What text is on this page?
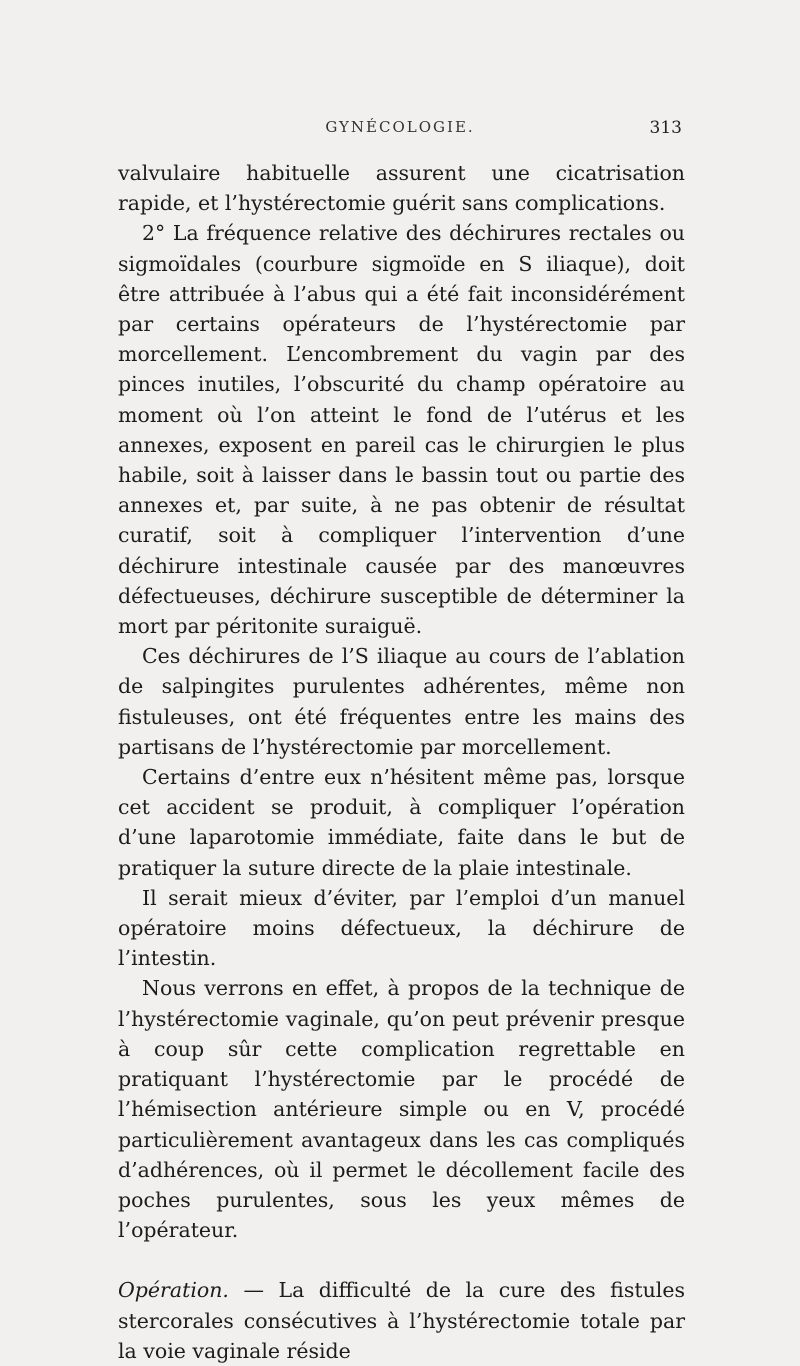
GYNÉCOLOGIE.	313

valvulaire habituelle assurent une cicatrisation rapide, et l’hystérectomie guérit sans complications.

2° La fréquence relative des déchirures rectales ou sigmoïdales (courbure sigmoïde en S iliaque), doit être attribuée à l’abus qui a été fait inconsidérément par certains opérateurs de l’hystérectomie par morcellement. L’encombrement du vagin par des pinces inutiles, l’obscurité du champ opératoire au moment où l’on atteint le fond de l’utérus et les annexes, exposent en pareil cas le chirurgien le plus habile, soit à laisser dans le bassin tout ou partie des annexes et, par suite, à ne pas obtenir de résultat curatif, soit à compliquer l’intervention d’une déchirure intestinale causée par des manœuvres défectueuses, déchirure susceptible de déterminer la mort par péritonite suraiguë.

Ces déchirures de l’S iliaque au cours de l’ablation de salpingites purulentes adhérentes, même non fistuleuses, ont été fréquentes entre les mains des partisans de l’hystérectomie par morcellement.

Certains d’entre eux n’hésitent même pas, lorsque cet accident se produit, à compliquer l’opération d’une laparotomie immédiate, faite dans le but de pratiquer la suture directe de la plaie intestinale.

Il serait mieux d’éviter, par l’emploi d’un manuel opératoire moins défectueux, la déchirure de l’intestin.

Nous verrons en effet, à propos de la technique de l’hystérectomie vaginale, qu’on peut prévenir presque à coup sûr cette complication regrettable en pratiquant l’hystérectomie par le procédé de l’hémisection antérieure simple ou en V, procédé particulièrement avantageux dans les cas compliqués d’adhérences, où il permet le décollement facile des poches purulentes, sous les yeux mêmes de l’opérateur.

Opération. — La difficulté de la cure des fistules stercorales consécutives à l’hystérectomie totale par la voie vaginale réside
